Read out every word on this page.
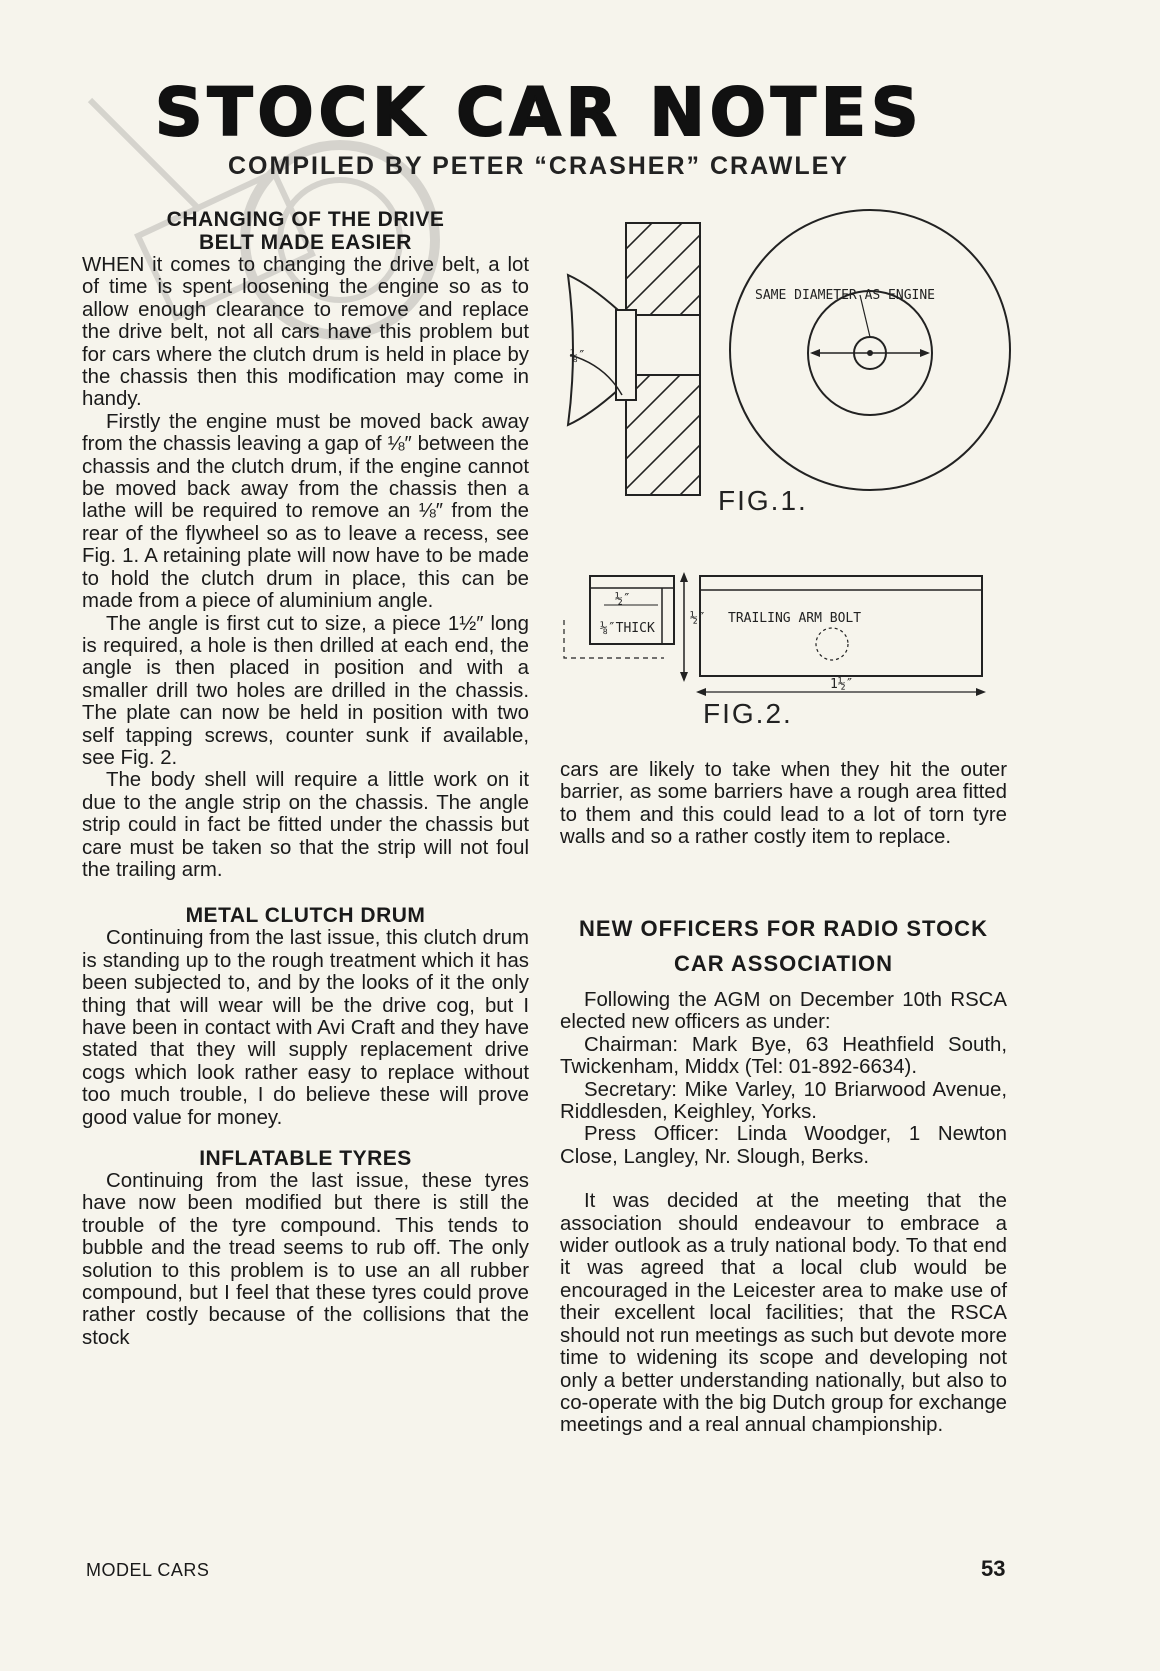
STOCK CAR NOTES
COMPILED BY PETER “CRASHER” CRAWLEY
CHANGING OF THE DRIVE
BELT MADE EASIER

WHEN it comes to changing the drive belt, a lot of time is spent loosening the engine so as to allow enough clearance to remove and replace the drive belt, not all cars have this problem but for cars where the clutch drum is held in place by the chassis then this modification may come in handy.

Firstly the engine must be moved back away from the chassis leaving a gap of ⅛″ between the chassis and the clutch drum, if the engine cannot be moved back away from the chassis then a lathe will be required to remove an ⅛″ from the rear of the flywheel so as to leave a recess, see Fig. 1. A retaining plate will now have to be made to hold the clutch drum in place, this can be made from a piece of aluminium angle.

The angle is first cut to size, a piece 1½″ long is required, a hole is then drilled at each end, the angle is then placed in position and with a smaller drill two holes are drilled in the chassis. The plate can now be held in position with two self tapping screws, counter sunk if available, see Fig. 2.

The body shell will require a little work on it due to the angle strip on the chassis. The angle strip could in fact be fitted under the chassis but care must be taken so that the strip will not foul the trailing arm.

METAL CLUTCH DRUM

Continuing from the last issue, this clutch drum is standing up to the rough treatment which it has been subjected to, and by the looks of it the only thing that will wear will be the drive cog, but I have been in contact with Avi Craft and they have stated that they will supply replacement drive cogs which look rather easy to replace without too much trouble, I do believe these will prove good value for money.

INFLATABLE TYRES

Continuing from the last issue, these tyres have now been modified but there is still the trouble of the tyre compound. This tends to bubble and the tread seems to rub off. The only solution to this problem is to use an all rubber compound, but I feel that these tyres could prove rather costly because of the collisions that the stock

⅛″
SAME DIAMETER AS ENGINE
FIG.1.
½″
⅛″THICK
½″ TRAILING ARM BOLT
1½″
FIG.2.

cars are likely to take when they hit the outer barrier, as some barriers have a rough area fitted to them and this could lead to a lot of torn tyre walls and so a rather costly item to replace.

NEW OFFICERS FOR RADIO STOCK
CAR ASSOCIATION

Following the AGM on December 10th RSCA elected new officers as under:

Chairman: Mark Bye, 63 Heathfield South, Twickenham, Middx (Tel: 01-892-6634).

Secretary: Mike Varley, 10 Briarwood Avenue, Riddlesden, Keighley, Yorks.

Press Officer: Linda Woodger, 1 Newton Close, Langley, Nr. Slough, Berks.

It was decided at the meeting that the association should endeavour to embrace a wider outlook as a truly national body. To that end it was agreed that a local club would be encouraged in the Leicester area to make use of their excellent local facilities; that the RSCA should not run meetings as such but devote more time to widening its scope and developing not only a better understanding nationally, but also to co-operate with the big Dutch group for exchange meetings and a real annual championship.

MODEL CARS	53
